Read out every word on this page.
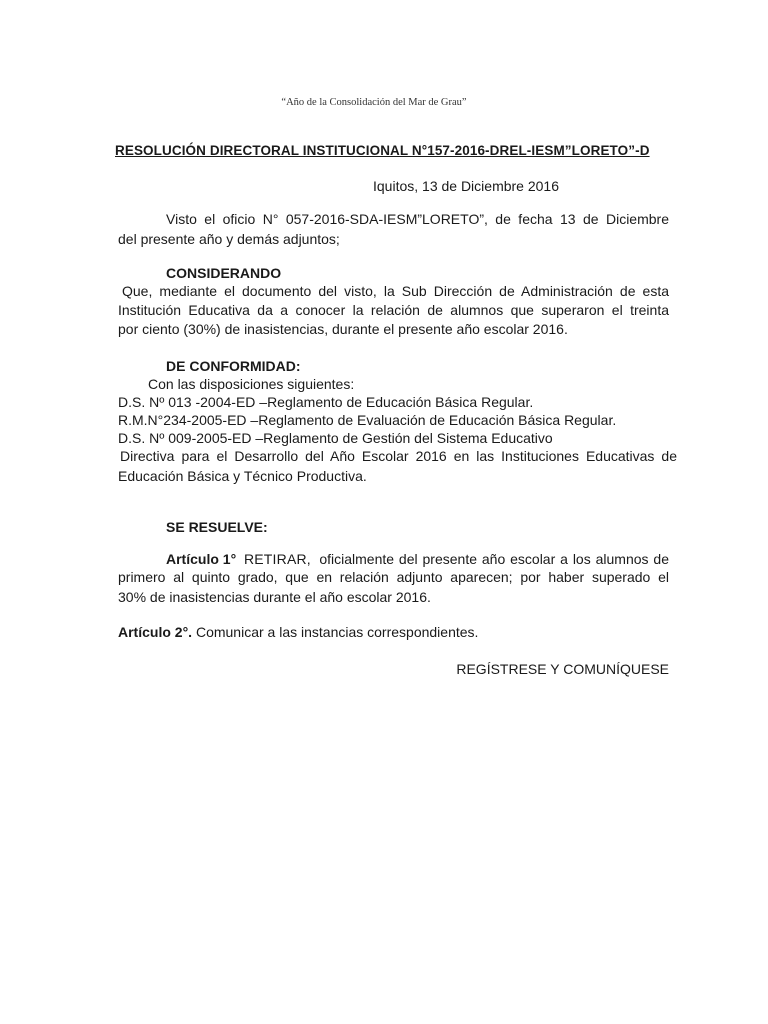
“Año de la Consolidación del Mar de Grau”
RESOLUCIÓN DIRECTORAL INSTITUCIONAL N°157-2016-DREL-IESM”LORETO”-D
Iquitos, 13 de Diciembre 2016
Visto el oficio N° 057-2016-SDA-IESM”LORETO”, de fecha 13 de Diciembre
del presente año y demás adjuntos;
CONSIDERANDO
Que, mediante el documento del visto, la Sub Dirección de Administración de esta
Institución Educativa da a conocer la relación de alumnos que superaron el treinta
por ciento (30%) de inasistencias, durante el presente año escolar 2016.
DE CONFORMIDAD:
Con las disposiciones siguientes:
D.S. Nº 013 -2004-ED –Reglamento de Educación Básica Regular.
R.M.N°234-2005-ED –Reglamento de Evaluación de Educación Básica Regular.
D.S. Nº 009-2005-ED –Reglamento de Gestión del Sistema Educativo
Directiva para el Desarrollo del Año Escolar 2016 en las Instituciones Educativas de
Educación Básica y Técnico Productiva.
SE RESUELVE:
Artículo 1° RETIRAR, oficialmente del presente año escolar a los alumnos de
primero al quinto grado, que en relación adjunto aparecen; por haber superado el
30% de inasistencias durante el año escolar 2016.
Artículo 2°. Comunicar a las instancias correspondientes.
REGÍSTRESE Y COMUNÍQUESE
